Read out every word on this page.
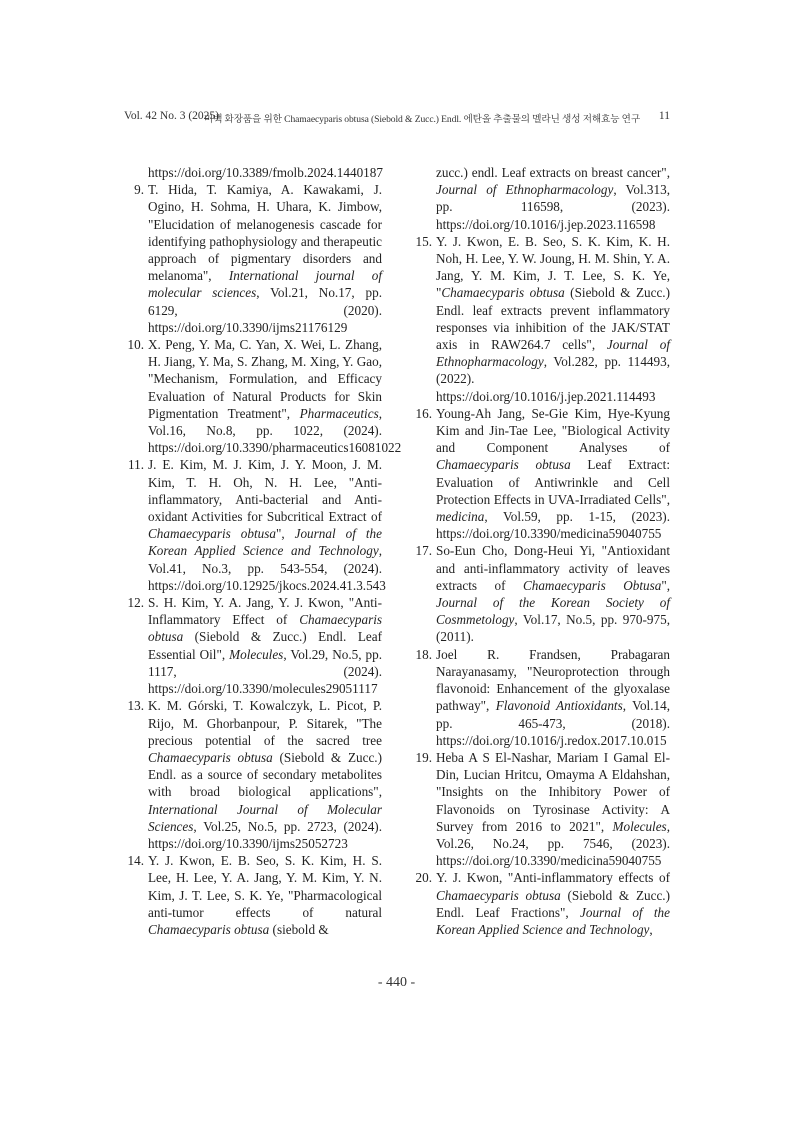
Vol. 42 No. 3 (2025)
미백 화장품을 위한 Chamaecyparis obtusa (Siebold & Zucc.) Endl. 에탄올 추출물의 멜라닌 생성 저해효능 연구 11
https://doi.org/10.3389/fmolb.2024.1440187
9. T. Hida, T. Kamiya, A. Kawakami, J. Ogino, H. Sohma, H. Uhara, K. Jimbow, "Elucidation of melanogenesis cascade for identifying pathophysiology and therapeutic approach of pigmentary disorders and melanoma", International journal of molecular sciences, Vol.21, No.17, pp. 6129, (2020). https://doi.org/10.3390/ijms21176129
10. X. Peng, Y. Ma, C. Yan, X. Wei, L. Zhang, H. Jiang, Y. Ma, S. Zhang, M. Xing, Y. Gao, "Mechanism, Formulation, and Efficacy Evaluation of Natural Products for Skin Pigmentation Treatment", Pharmaceutics, Vol.16, No.8, pp. 1022, (2024). https://doi.org/10.3390/pharmaceutics16081022
11. J. E. Kim, M. J. Kim, J. Y. Moon, J. M. Kim, T. H. Oh, N. H. Lee, "Anti-inflammatory, Anti-bacterial and Anti-oxidant Activities for Subcritical Extract of Chamaecyparis obtusa", Journal of the Korean Applied Science and Technology, Vol.41, No.3, pp. 543-554, (2024). https://doi.org/10.12925/jkocs.2024.41.3.543
12. S. H. Kim, Y. A. Jang, Y. J. Kwon, "Anti-Inflammatory Effect of Chamaecyparis obtusa (Siebold & Zucc.) Endl. Leaf Essential Oil", Molecules, Vol.29, No.5, pp. 1117, (2024). https://doi.org/10.3390/molecules29051117
13. K. M. Górski, T. Kowalczyk, L. Picot, P. Rijo, M. Ghorbanpour, P. Sitarek, "The precious potential of the sacred tree Chamaecyparis obtusa (Siebold & Zucc.) Endl. as a source of secondary metabolites with broad biological applications", International Journal of Molecular Sciences, Vol.25, No.5, pp. 2723, (2024). https://doi.org/10.3390/ijms25052723
14. Y. J. Kwon, E. B. Seo, S. K. Kim, H. S. Lee, H. Lee, Y. A. Jang, Y. M. Kim, Y. N. Kim, J. T. Lee, S. K. Ye, "Pharmacological anti-tumor effects of natural Chamaecyparis obtusa (siebold &
zucc.) endl. Leaf extracts on breast cancer", Journal of Ethnopharmacology, Vol.313, pp. 116598, (2023). https://doi.org/10.1016/j.jep.2023.116598
15. Y. J. Kwon, E. B. Seo, S. K. Kim, K. H. Noh, H. Lee, Y. W. Joung, H. M. Shin, Y. A. Jang, Y. M. Kim, J. T. Lee, S. K. Ye, "Chamaecyparis obtusa (Siebold & Zucc.) Endl. leaf extracts prevent inflammatory responses via inhibition of the JAK/STAT axis in RAW264.7 cells", Journal of Ethnopharmacology, Vol.282, pp. 114493, (2022). https://doi.org/10.1016/j.jep.2021.114493
16. Young-Ah Jang, Se-Gie Kim, Hye-Kyung Kim and Jin-Tae Lee, "Biological Activity and Component Analyses of Chamaecyparis obtusa Leaf Extract: Evaluation of Antiwrinkle and Cell Protection Effects in UVA-Irradiated Cells", medicina, Vol.59, pp. 1-15, (2023). https://doi.org/10.3390/medicina59040755
17. So-Eun Cho, Dong-Heui Yi, "Antioxidant and anti-inflammatory activity of leaves extracts of Chamaecyparis Obtusa", Journal of the Korean Society of Cosmmetology, Vol.17, No.5, pp. 970-975, (2011).
18. Joel R. Frandsen, Prabagaran Narayanasamy, "Neuroprotection through flavonoid: Enhancement of the glyoxalase pathway", Flavonoid Antioxidants, Vol.14, pp. 465-473, (2018). https://doi.org/10.1016/j.redox.2017.10.015
19. Heba A S El-Nashar, Mariam I Gamal El-Din, Lucian Hritcu, Omayma A Eldahshan, "Insights on the Inhibitory Power of Flavonoids on Tyrosinase Activity: A Survey from 2016 to 2021", Molecules, Vol.26, No.24, pp. 7546, (2023). https://doi.org/10.3390/medicina59040755
20. Y. J. Kwon, "Anti-inflammatory effects of Chamaecyparis obtusa (Siebold & Zucc.) Endl. Leaf Fractions", Journal of the Korean Applied Science and Technology,
- 440 -
